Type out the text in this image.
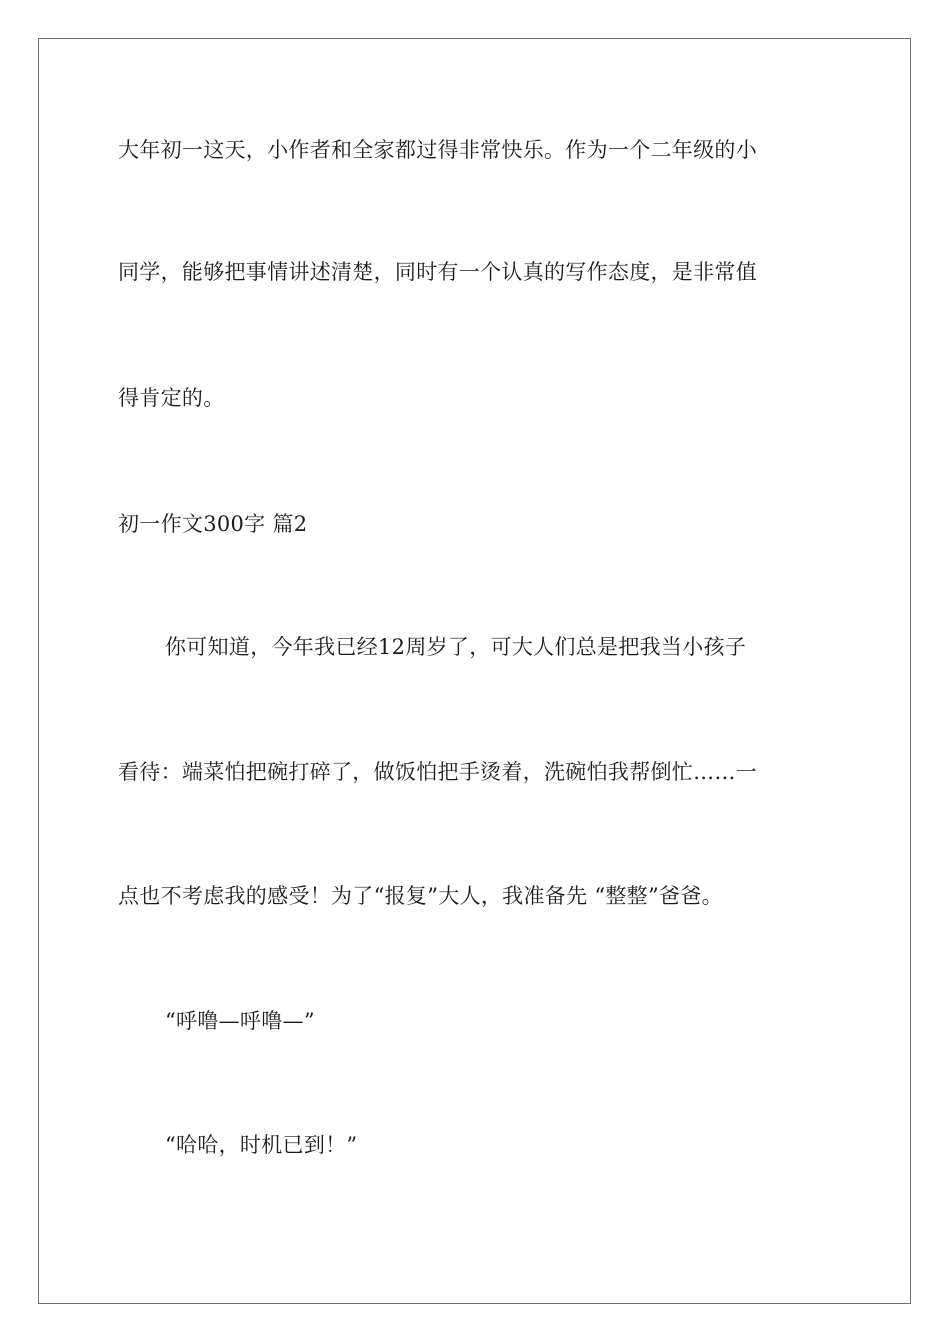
大年初一这天，小作者和全家都过得非常快乐。作为一个二年级的小
同学，能够把事情讲述清楚，同时有一个认真的写作态度，是非常值
得肯定的。
初一作文300字 篇2
你可知道，今年我已经12周岁了，可大人们总是把我当小孩子
看待：端菜怕把碗打碎了，做饭怕把手烫着，洗碗怕我帮倒忙……一
点也不考虑我的感受！为了“报复”大人，我准备先 “整整”爸爸。
“呼噜—呼噜—”
“哈哈，时机已到！”
